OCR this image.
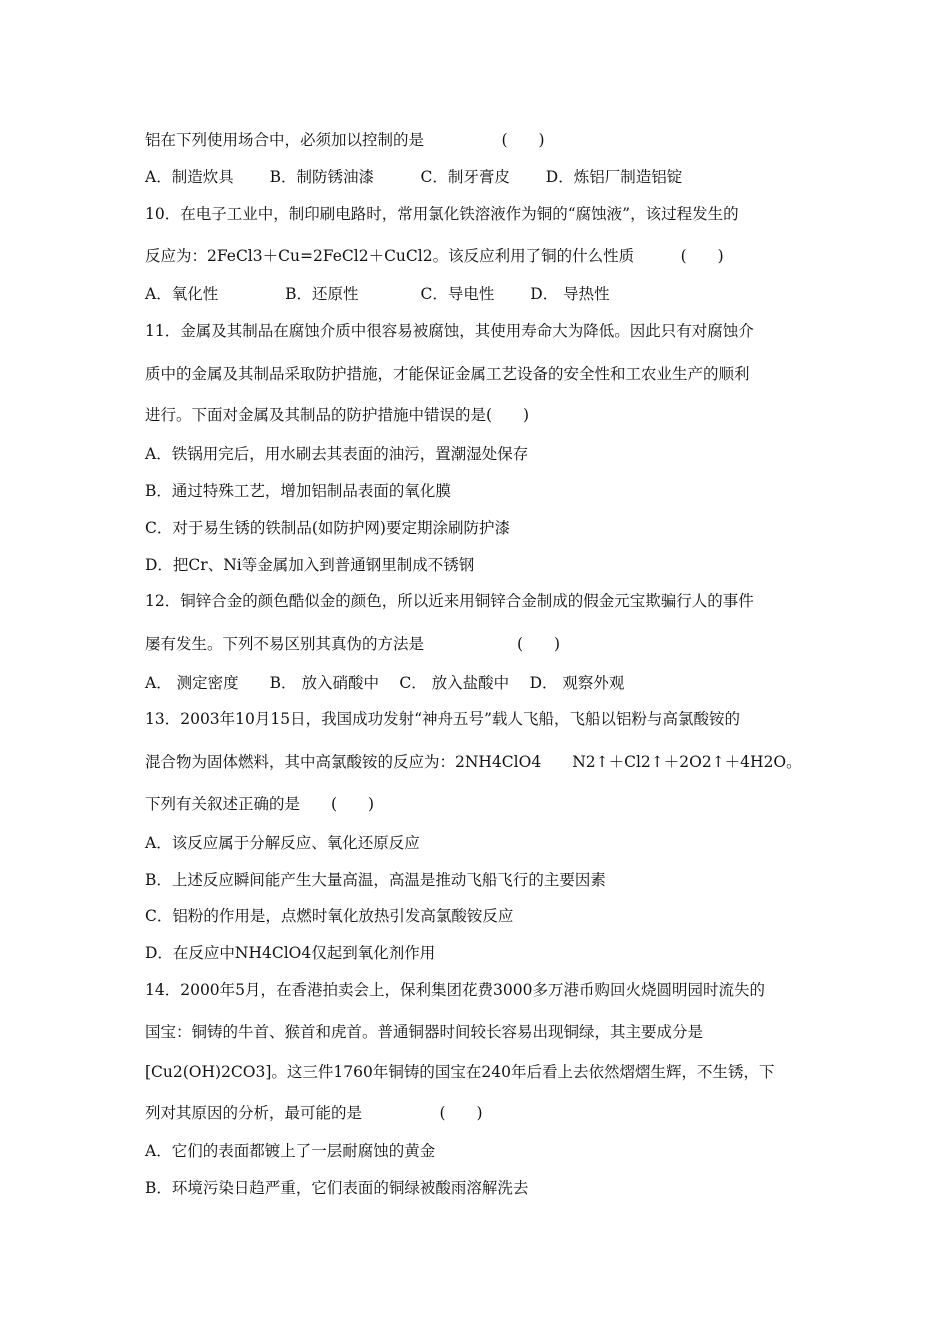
铝在下列使用场合中，必须加以控制的是　　　　　(　　)
A．制造炊具　　 B．制防锈油漆　　　C．制牙膏皮　　 D．炼铝厂制造铝锭
10．在电子工业中，制印刷电路时，常用氯化铁溶液作为铜的“腐蚀液”，该过程发生的
反应为：2FeCl3＋Cu=2FeCl2＋CuCl2。该反应利用了铜的什么性质　　　(　　)
A．氧化性　　　　 B．还原性　　　　C．导电性　　 D． 导热性
11．金属及其制品在腐蚀介质中很容易被腐蚀，其使用寿命大为降低。因此只有对腐蚀介
质中的金属及其制品采取防护措施，才能保证金属工艺设备的安全性和工农业生产的顺利
进行。下面对金属及其制品的防护措施中错误的是(　　)
A．铁锅用完后，用水刷去其表面的油污，置潮湿处保存
B．通过特殊工艺，增加铝制品表面的氧化膜
C．对于易生锈的铁制品(如防护网)要定期涂刷防护漆
D．把Cr、Ni等金属加入到普通钢里制成不锈钢
12．铜锌合金的颜色酷似金的颜色，所以近来用铜锌合金制成的假金元宝欺骗行人的事件
屡有发生。下列不易区别其真伪的方法是　　　　　　(　　)
A． 测定密度　　B． 放入硝酸中　 C． 放入盐酸中　 D． 观察外观
13．2003年10月15日，我国成功发射“神舟五号”载人飞船，飞船以铝粉与高氯酸铵的
混合物为固体燃料，其中高氯酸铵的反应为：2NH4ClO4　　N2↑＋Cl2↑＋2O2↑＋4H2O。
下列有关叙述正确的是　　(　　)
A．该反应属于分解反应、氧化还原反应
B．上述反应瞬间能产生大量高温，高温是推动飞船飞行的主要因素
C．铝粉的作用是，点燃时氧化放热引发高氯酸铵反应
D．在反应中NH4ClO4仅起到氧化剂作用
14．2000年5月，在香港拍卖会上，保利集团花费3000多万港币购回火烧圆明园时流失的
国宝：铜铸的牛首、猴首和虎首。普通铜器时间较长容易出现铜绿，其主要成分是
[Cu2(OH)2CO3]。这三件1760年铜铸的国宝在240年后看上去依然熠熠生辉，不生锈，下
列对其原因的分析，最可能的是　　　　　(　　)
A．它们的表面都镀上了一层耐腐蚀的黄金
B．环境污染日趋严重，它们表面的铜绿被酸雨溶解洗去
